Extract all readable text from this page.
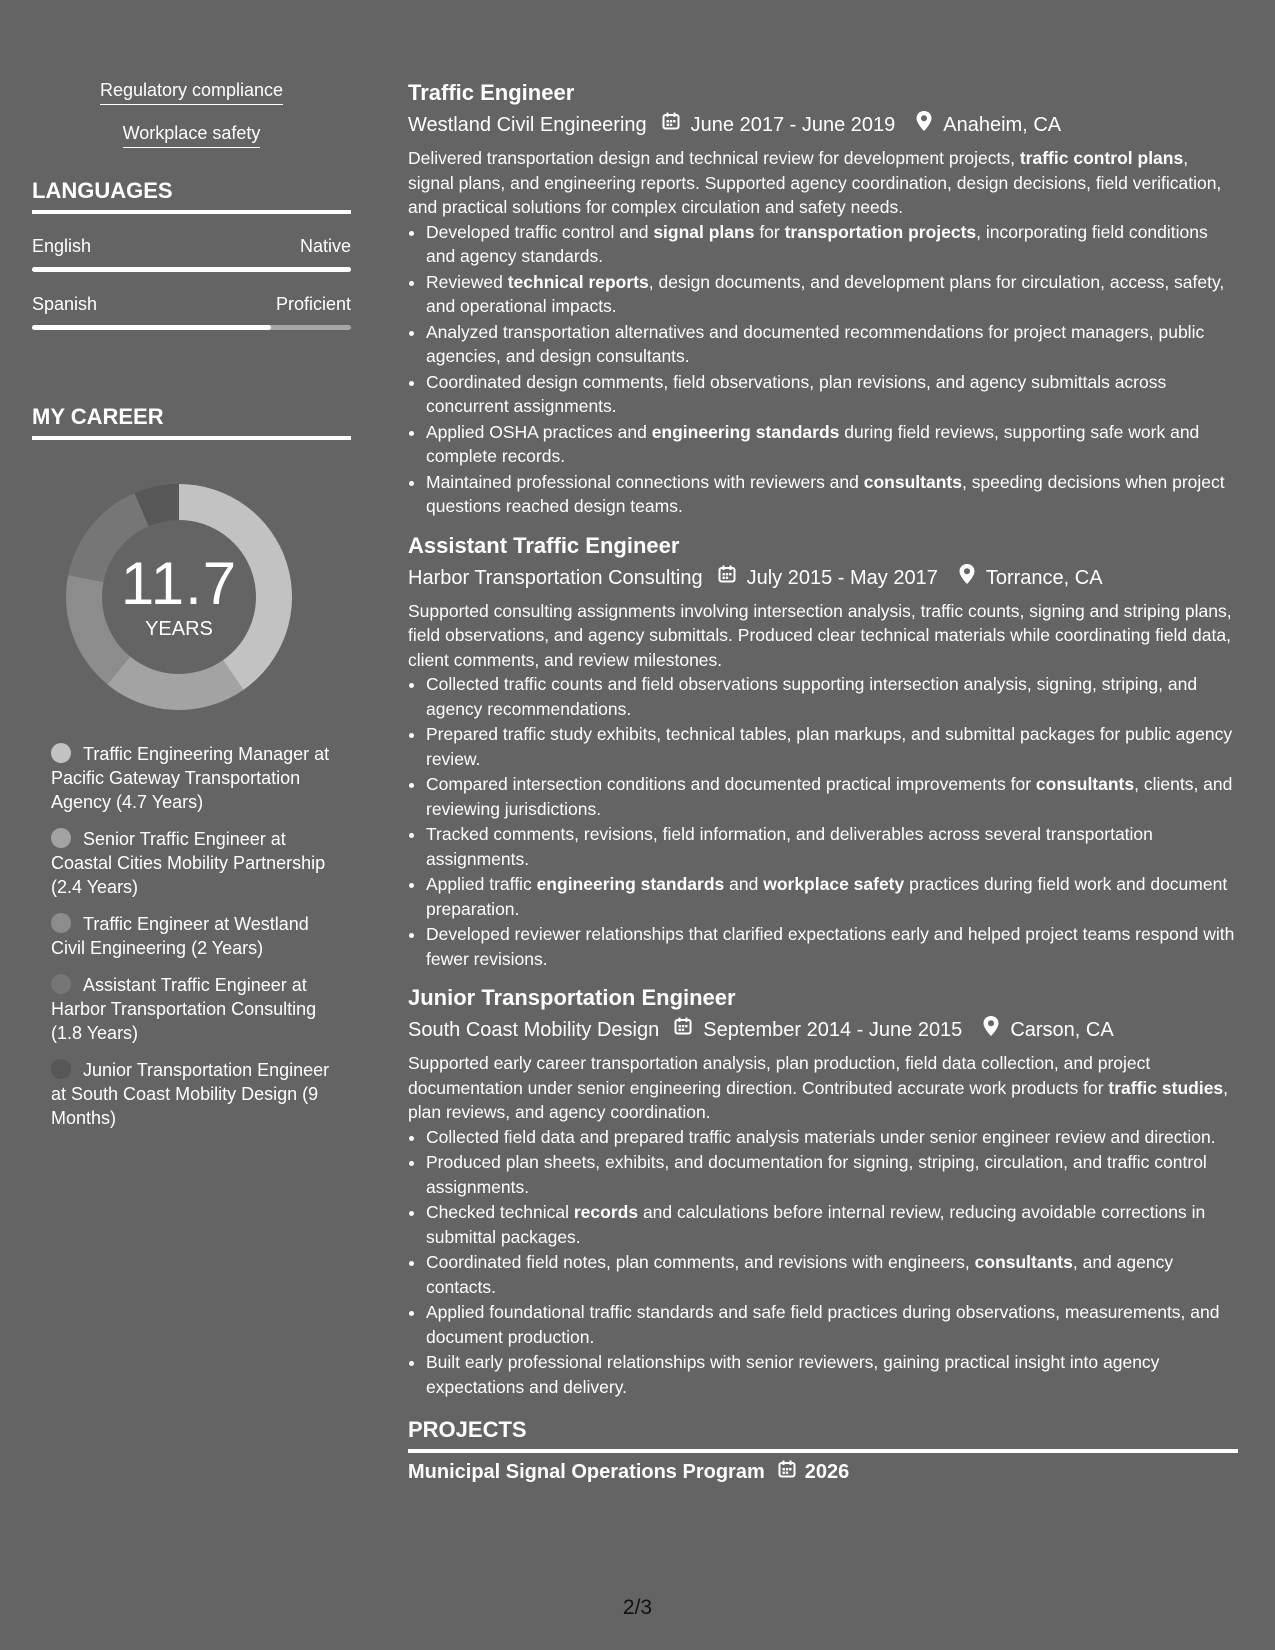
Regulatory compliance
Workplace safety
LANGUAGES
English	Native
Spanish	Proficient
MY CAREER
11.7
YEARS
Traffic Engineering Manager at Pacific Gateway Transportation Agency (4.7 Years)
Senior Traffic Engineer at Coastal Cities Mobility Partnership (2.4 Years)
Traffic Engineer at Westland Civil Engineering (2 Years)
Assistant Traffic Engineer at Harbor Transportation Consulting (1.8 Years)
Junior Transportation Engineer at South Coast Mobility Design (9 Months)
Traffic Engineer
Westland Civil Engineering June 2017 - June 2019 Anaheim, CA
Delivered transportation design and technical review for development projects, traffic control plans, signal plans, and engineering reports. Supported agency coordination, design decisions, field verification, and practical solutions for complex circulation and safety needs.
• Developed traffic control and signal plans for transportation projects, incorporating field conditions and agency standards.
• Reviewed technical reports, design documents, and development plans for circulation, access, safety, and operational impacts.
• Analyzed transportation alternatives and documented recommendations for project managers, public agencies, and design consultants.
• Coordinated design comments, field observations, plan revisions, and agency submittals across concurrent assignments.
• Applied OSHA practices and engineering standards during field reviews, supporting safe work and complete records.
• Maintained professional connections with reviewers and consultants, speeding decisions when project questions reached design teams.
Assistant Traffic Engineer
Harbor Transportation Consulting July 2015 - May 2017 Torrance, CA
Supported consulting assignments involving intersection analysis, traffic counts, signing and striping plans, field observations, and agency submittals. Produced clear technical materials while coordinating field data, client comments, and review milestones.
• Collected traffic counts and field observations supporting intersection analysis, signing, striping, and agency recommendations.
• Prepared traffic study exhibits, technical tables, plan markups, and submittal packages for public agency review.
• Compared intersection conditions and documented practical improvements for consultants, clients, and reviewing jurisdictions.
• Tracked comments, revisions, field information, and deliverables across several transportation assignments.
• Applied traffic engineering standards and workplace safety practices during field work and document preparation.
• Developed reviewer relationships that clarified expectations early and helped project teams respond with fewer revisions.
Junior Transportation Engineer
South Coast Mobility Design September 2014 - June 2015 Carson, CA
Supported early career transportation analysis, plan production, field data collection, and project documentation under senior engineering direction. Contributed accurate work products for traffic studies, plan reviews, and agency coordination.
• Collected field data and prepared traffic analysis materials under senior engineer review and direction.
• Produced plan sheets, exhibits, and documentation for signing, striping, circulation, and traffic control assignments.
• Checked technical records and calculations before internal review, reducing avoidable corrections in submittal packages.
• Coordinated field notes, plan comments, and revisions with engineers, consultants, and agency contacts.
• Applied foundational traffic standards and safe field practices during observations, measurements, and document production.
• Built early professional relationships with senior reviewers, gaining practical insight into agency expectations and delivery.
PROJECTS
Municipal Signal Operations Program 2026
2/3
